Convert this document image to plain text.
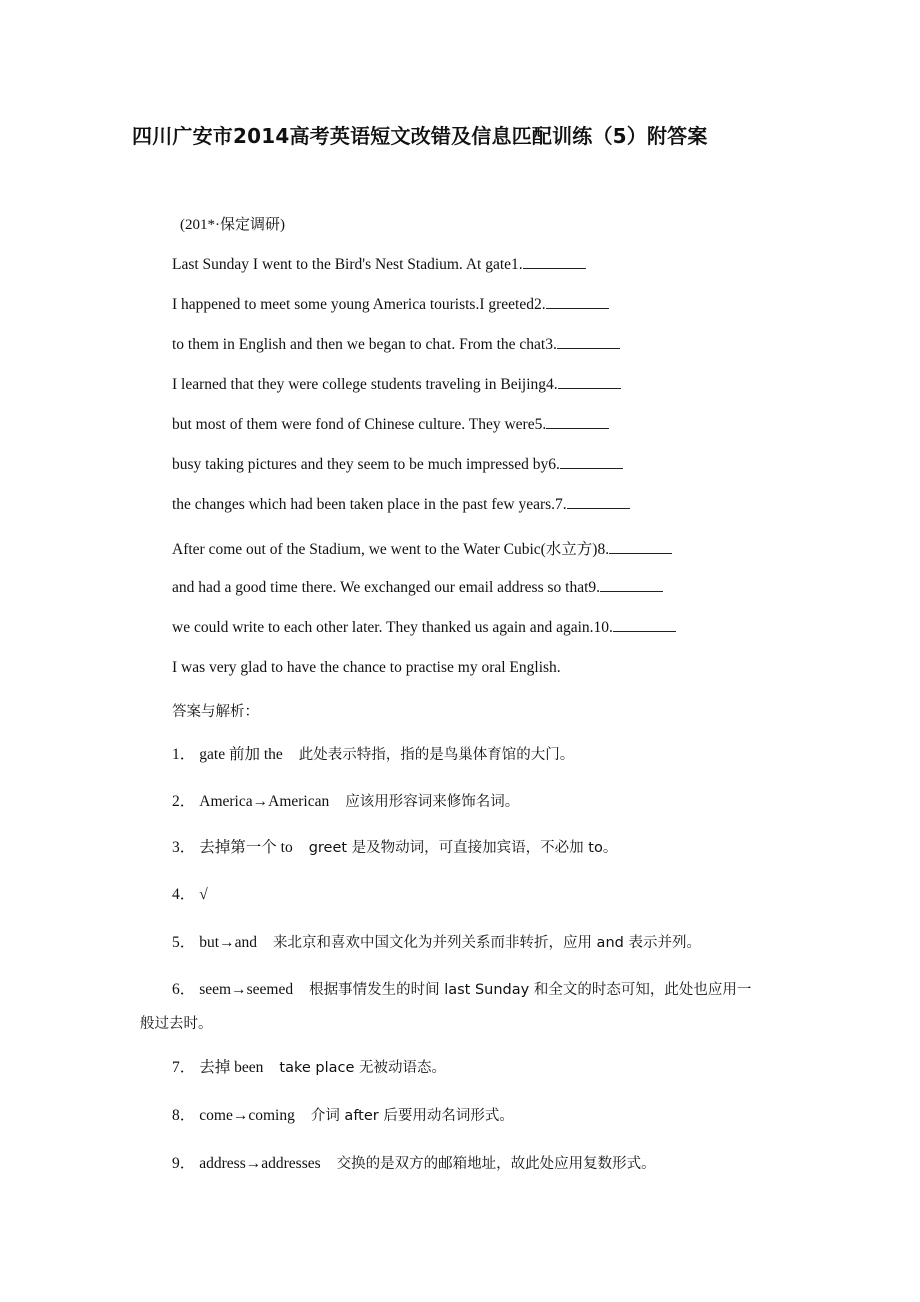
四川广安市2014高考英语短文改错及信息匹配训练（5）附答案
(201*·保定调研)
Last Sunday I went to the Bird's Nest Stadium. At gate1.
I happened to meet some young America tourists.I greeted2.
to them in English and then we began to chat. From the chat3.
I learned that they were college students traveling in Beijing4.
but most of them were fond of Chinese culture. They were5.
busy taking pictures and they seem to be much impressed by6.
the changes which had been taken place in the past few years.7.
After come out of the Stadium, we went to the Water Cubic(水立方)8.
and had a good time there. We exchanged our email address so that9.
we could write to each other later. They thanked us again and again.10.
I was very glad to have the chance to practise my oral English.
答案与解析：
1． gate 前加 the 此处表示特指，指的是鸟巢体育馆的大门。
2． America→American 应该用形容词来修饰名词。
3． 去掉第一个 to greet 是及物动词，可直接加宾语，不必加 to。
4． √
5． but→and 来北京和喜欢中国文化为并列关系而非转折，应用 and 表示并列。
6． seem→seemed 根据事情发生的时间 last Sunday 和全文的时态可知，此处也应用一
般过去时。
7． 去掉 been take place 无被动语态。
8． come→coming 介词 after 后要用动名词形式。
9． address→addresses 交换的是双方的邮箱地址，故此处应用复数形式。
